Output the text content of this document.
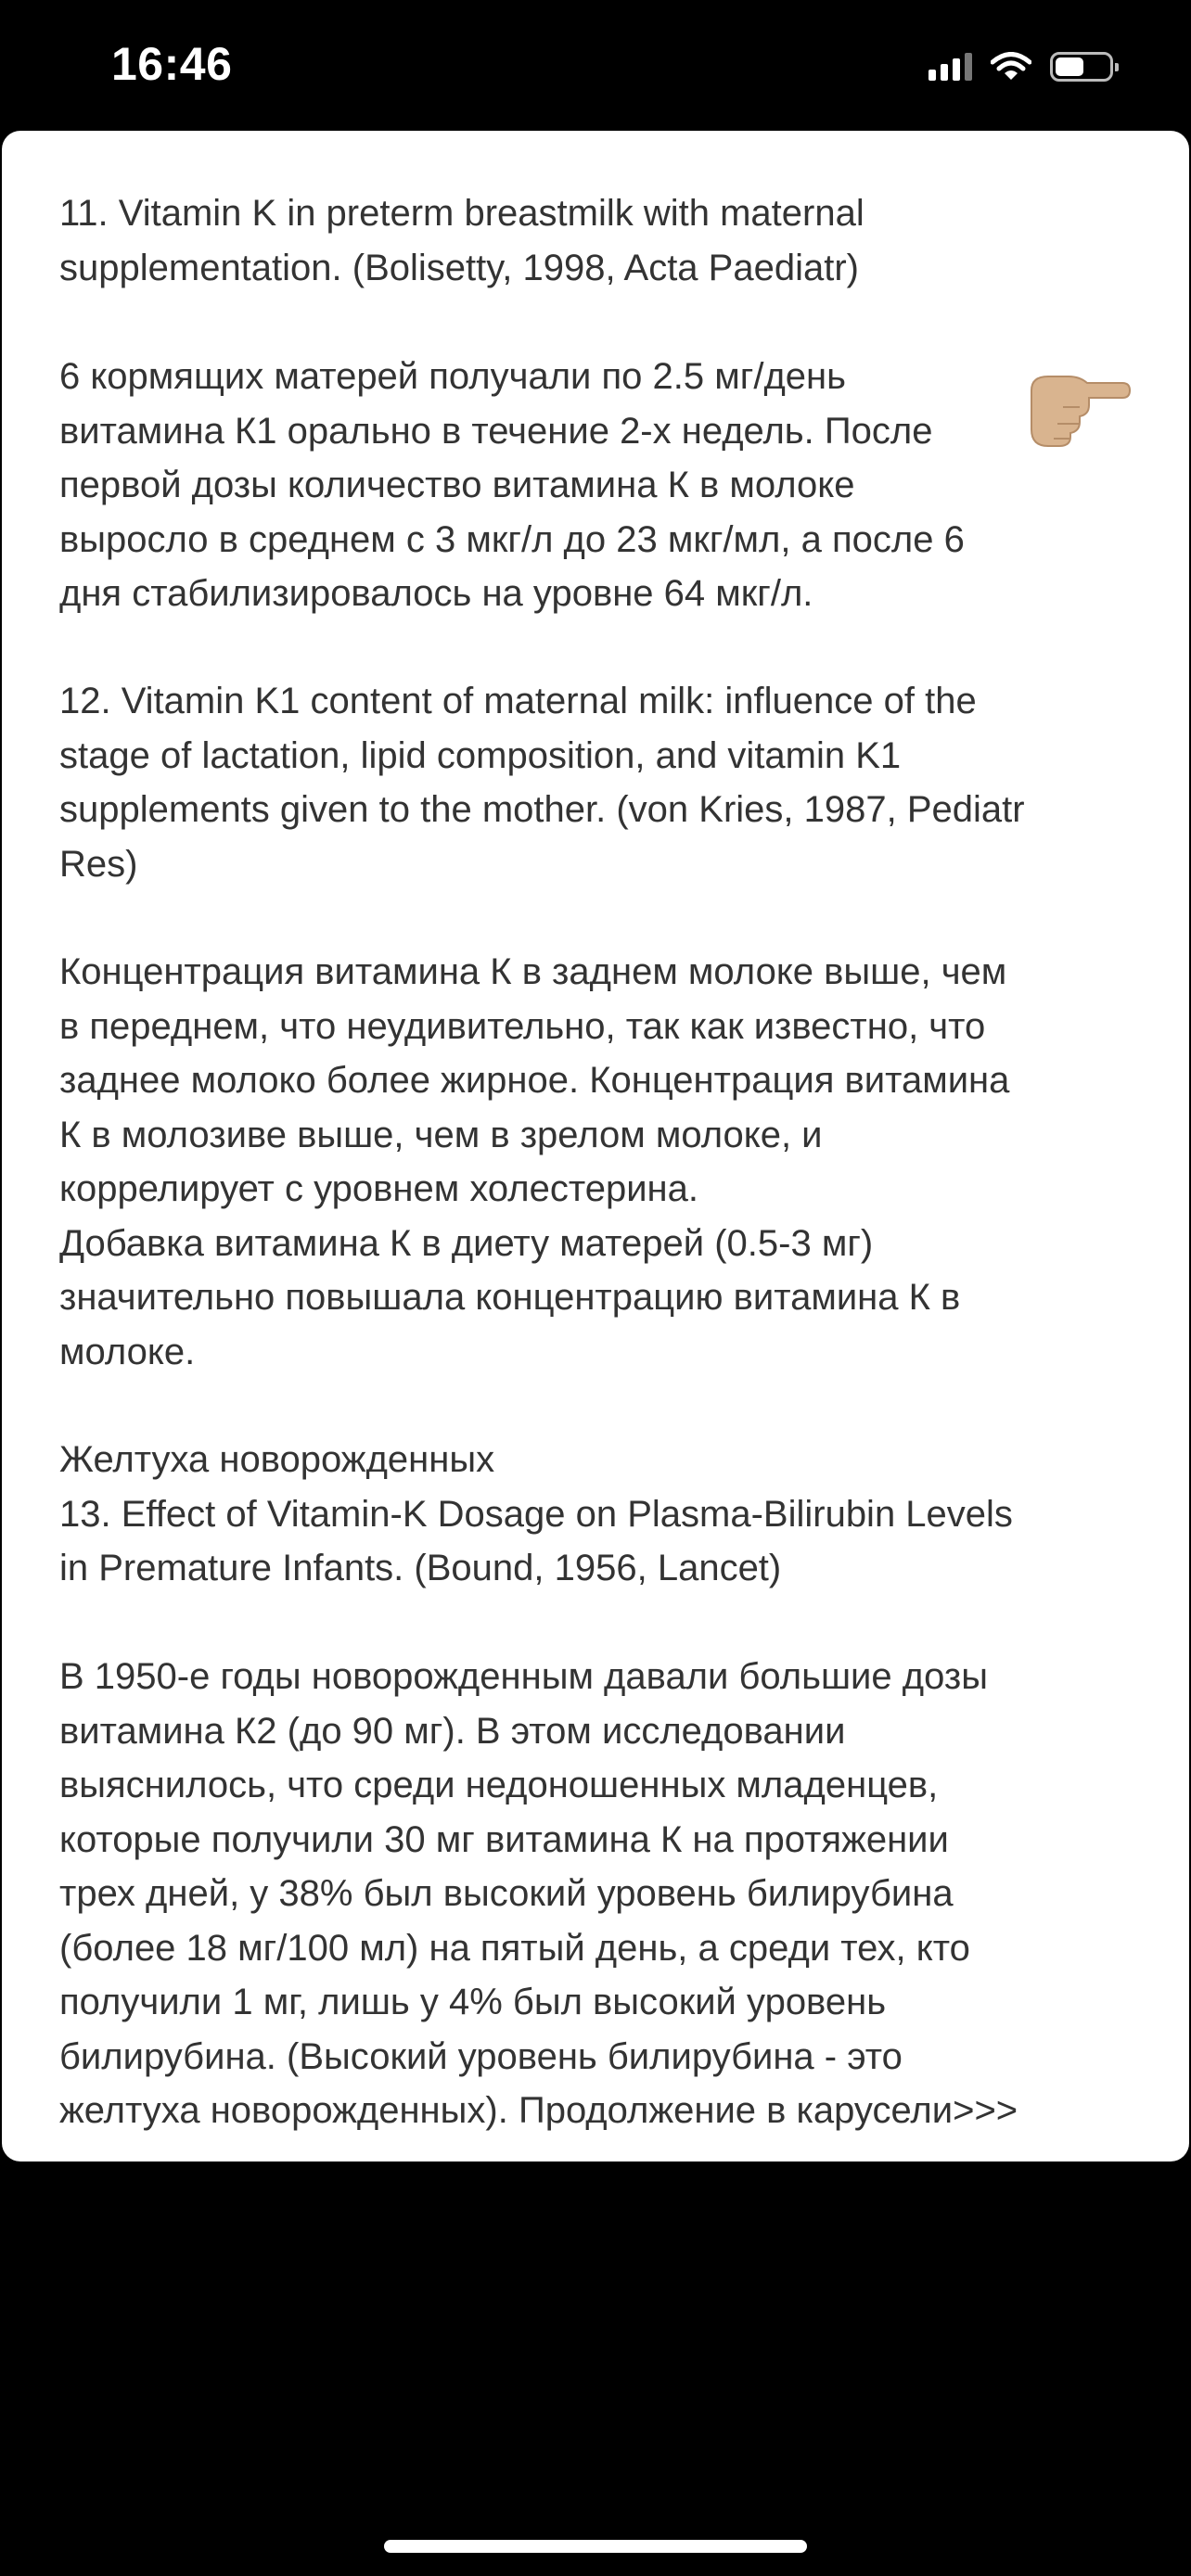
16:46
11. Vitamin K in preterm breastmilk with maternal
supplementation. (Bolisetty, 1998, Acta Paediatr)
6 кормящих матерей получали по 2.5 мг/день
витамина К1 орально в течение 2-х недель. После
первой дозы количество витамина К в молоке
выросло в среднем с 3 мкг/л до 23 мкг/мл, а после 6
дня стабилизировалось на уровне 64 мкг/л.
12. Vitamin K1 content of maternal milk: influence of the
stage of lactation, lipid composition, and vitamin K1
supplements given to the mother. (von Kries, 1987, Pediatr
Res)
Концентрация витамина К в заднем молоке выше, чем
в переднем, что неудивительно, так как известно, что
заднее молоко более жирное. Концентрация витамина
К в молозиве выше, чем в зрелом молоке, и
коррелирует с уровнем холестерина.
Добавка витамина К в диету матерей (0.5-3 мг)
значительно повышала концентрацию витамина К в
молоке.
Желтуха новорожденных
13. Effect of Vitamin-K Dosage on Plasma-Bilirubin Levels
in Premature Infants. (Bound, 1956, Lancet)
В 1950-е годы новорожденным давали большие дозы
витамина К2 (до 90 мг). В этом исследовании
выяснилось, что среди недоношенных младенцев,
которые получили 30 мг витамина К на протяжении
трех дней, у 38% был высокий уровень билирубина
(более 18 мг/100 мл) на пятый день, а среди тех, кто
получили 1 мг, лишь у 4% был высокий уровень
билирубина. (Высокий уровень билирубина - это
желтуха новорожденных). Продолжение в карусели>>>
